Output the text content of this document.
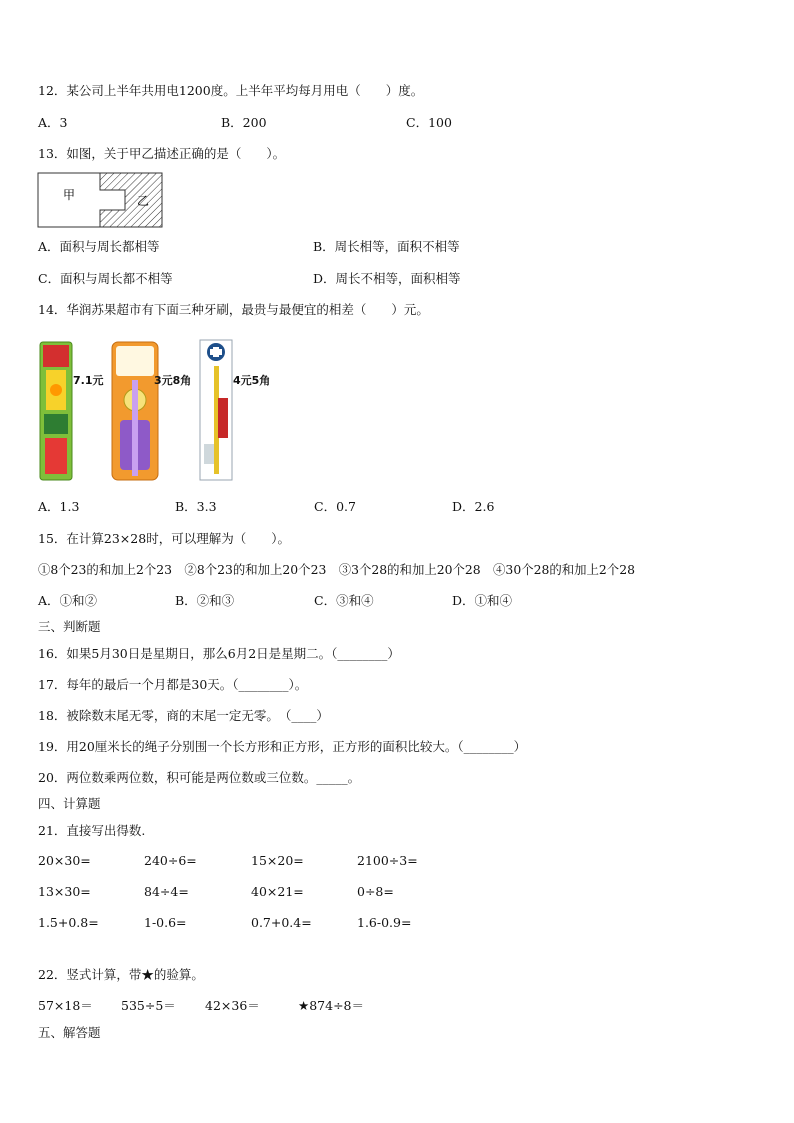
12．某公司上半年共用电1200度。上半年平均每月用电（　　）度。
A．3	B．200	C．100
13．如图，关于甲乙描述正确的是（　　）。
甲	乙
A．面积与周长都相等	B．周长相等，面积不相等
C．面积与周长都不相等	D．周长不相等，面积相等
14．华润苏果超市有下面三种牙刷，最贵与最便宜的相差（　　）元。
7.1元	3元8角	4元5角
A．1.3	B．3.3	C．0.7	D．2.6
15．在计算23×28时，可以理解为（　　）。
①8个23的和加上2个23　②8个23的和加上20个23　③3个28的和加上20个28　④30个28的和加上2个28
A．①和②	B．②和③	C．③和④	D．①和④
三、判断题
16．如果5月30日是星期日，那么6月2日是星期二。（________）
17．每年的最后一个月都是30天。（________）。
18．被除数末尾无零，商的末尾一定无零。　（____）
19．用20厘米长的绳子分别围一个长方形和正方形，正方形的面积比较大。（________）
20．两位数乘两位数，积可能是两位数或三位数。_____。
四、计算题
21．直接写出得数.
20×30=	240÷6=	15×20=	2100÷3=
13×30=	84÷4=	40×21=	0÷8=
1.5+0.8=	1-0.6=	0.7+0.4=	1.6-0.9=
22．竖式计算，带★的验算。
57×18＝ 535÷5＝ 42×36＝	★874÷8＝
五、解答题
